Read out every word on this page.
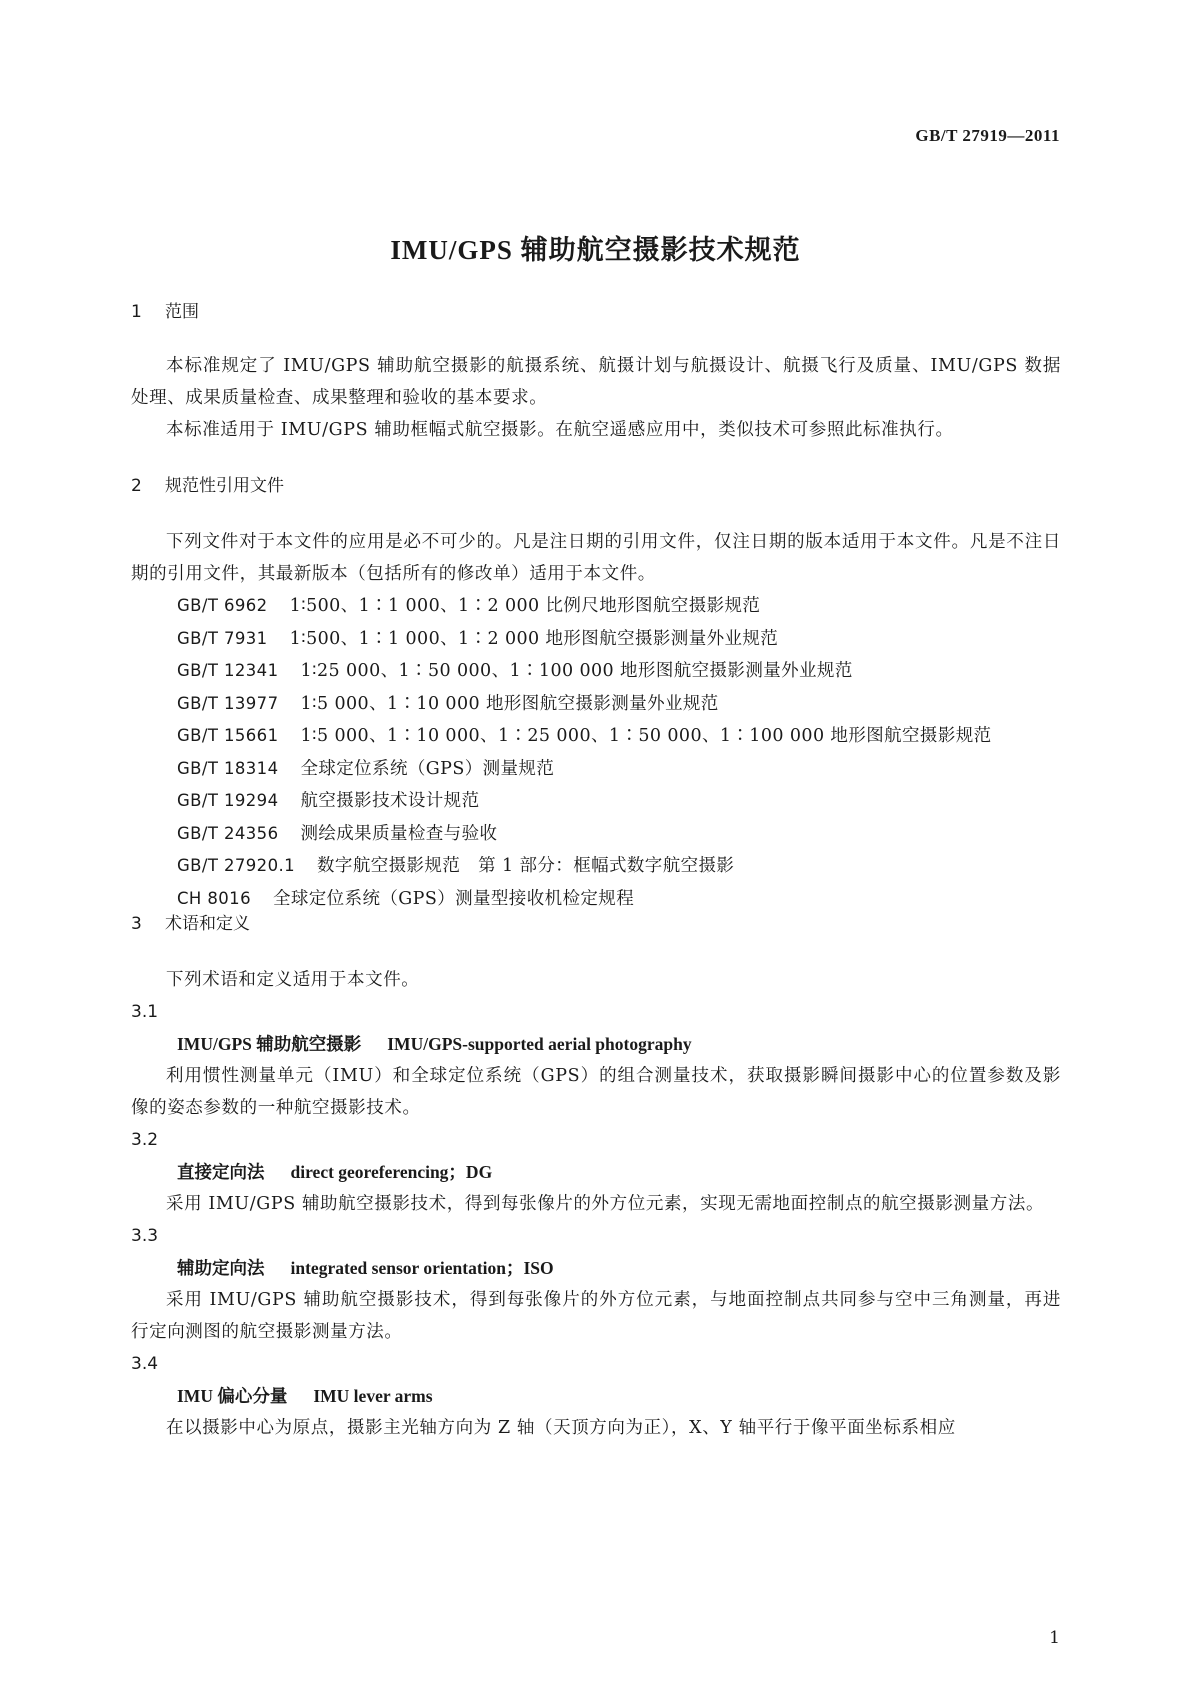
GB/T 27919—2011
IMU/GPS 辅助航空摄影技术规范
1 范围

本标准规定了 IMU/GPS 辅助航空摄影的航摄系统、航摄计划与航摄设计、航摄飞行及质量、IMU/GPS 数据处理、成果质量检查、成果整理和验收的基本要求。

本标准适用于 IMU/GPS 辅助框幅式航空摄影。在航空遥感应用中，类似技术可参照此标准执行。

2 规范性引用文件

下列文件对于本文件的应用是必不可少的。凡是注日期的引用文件，仅注日期的版本适用于本文件。凡是不注日期的引用文件，其最新版本（包括所有的修改单）适用于本文件。

GB/T 6962 1∶500、1∶1 000、1∶2 000 比例尺地形图航空摄影规范
GB/T 7931 1∶500、1∶1 000、1∶2 000 地形图航空摄影测量外业规范
GB/T 12341 1∶25 000、1∶50 000、1∶100 000 地形图航空摄影测量外业规范
GB/T 13977 1∶5 000、1∶10 000 地形图航空摄影测量外业规范
GB/T 15661 1∶5 000、1∶10 000、1∶25 000、1∶50 000、1∶100 000 地形图航空摄影规范
GB/T 18314 全球定位系统（GPS）测量规范
GB/T 19294 航空摄影技术设计规范
GB/T 24356 测绘成果质量检查与验收
GB/T 27920.1 数字航空摄影规范　第 1 部分：框幅式数字航空摄影
CH 8016 全球定位系统（GPS）测量型接收机检定规程
3 术语和定义

下列术语和定义适用于本文件。

3.1
IMU/GPS 辅助航空摄影 IMU/GPS-supported aerial photography

利用惯性测量单元（IMU）和全球定位系统（GPS）的组合测量技术，获取摄影瞬间摄影中心的位置参数及影像的姿态参数的一种航空摄影技术。

3.2
直接定向法 direct georeferencing；DG

采用 IMU/GPS 辅助航空摄影技术，得到每张像片的外方位元素，实现无需地面控制点的航空摄影测量方法。

3.3
辅助定向法 integrated sensor orientation；ISO

采用 IMU/GPS 辅助航空摄影技术，得到每张像片的外方位元素，与地面控制点共同参与空中三角测量，再进行定向测图的航空摄影测量方法。

3.4
IMU 偏心分量 IMU lever arms

在以摄影中心为原点，摄影主光轴方向为 Z 轴（天顶方向为正），X、Y 轴平行于像平面坐标系相应

1
